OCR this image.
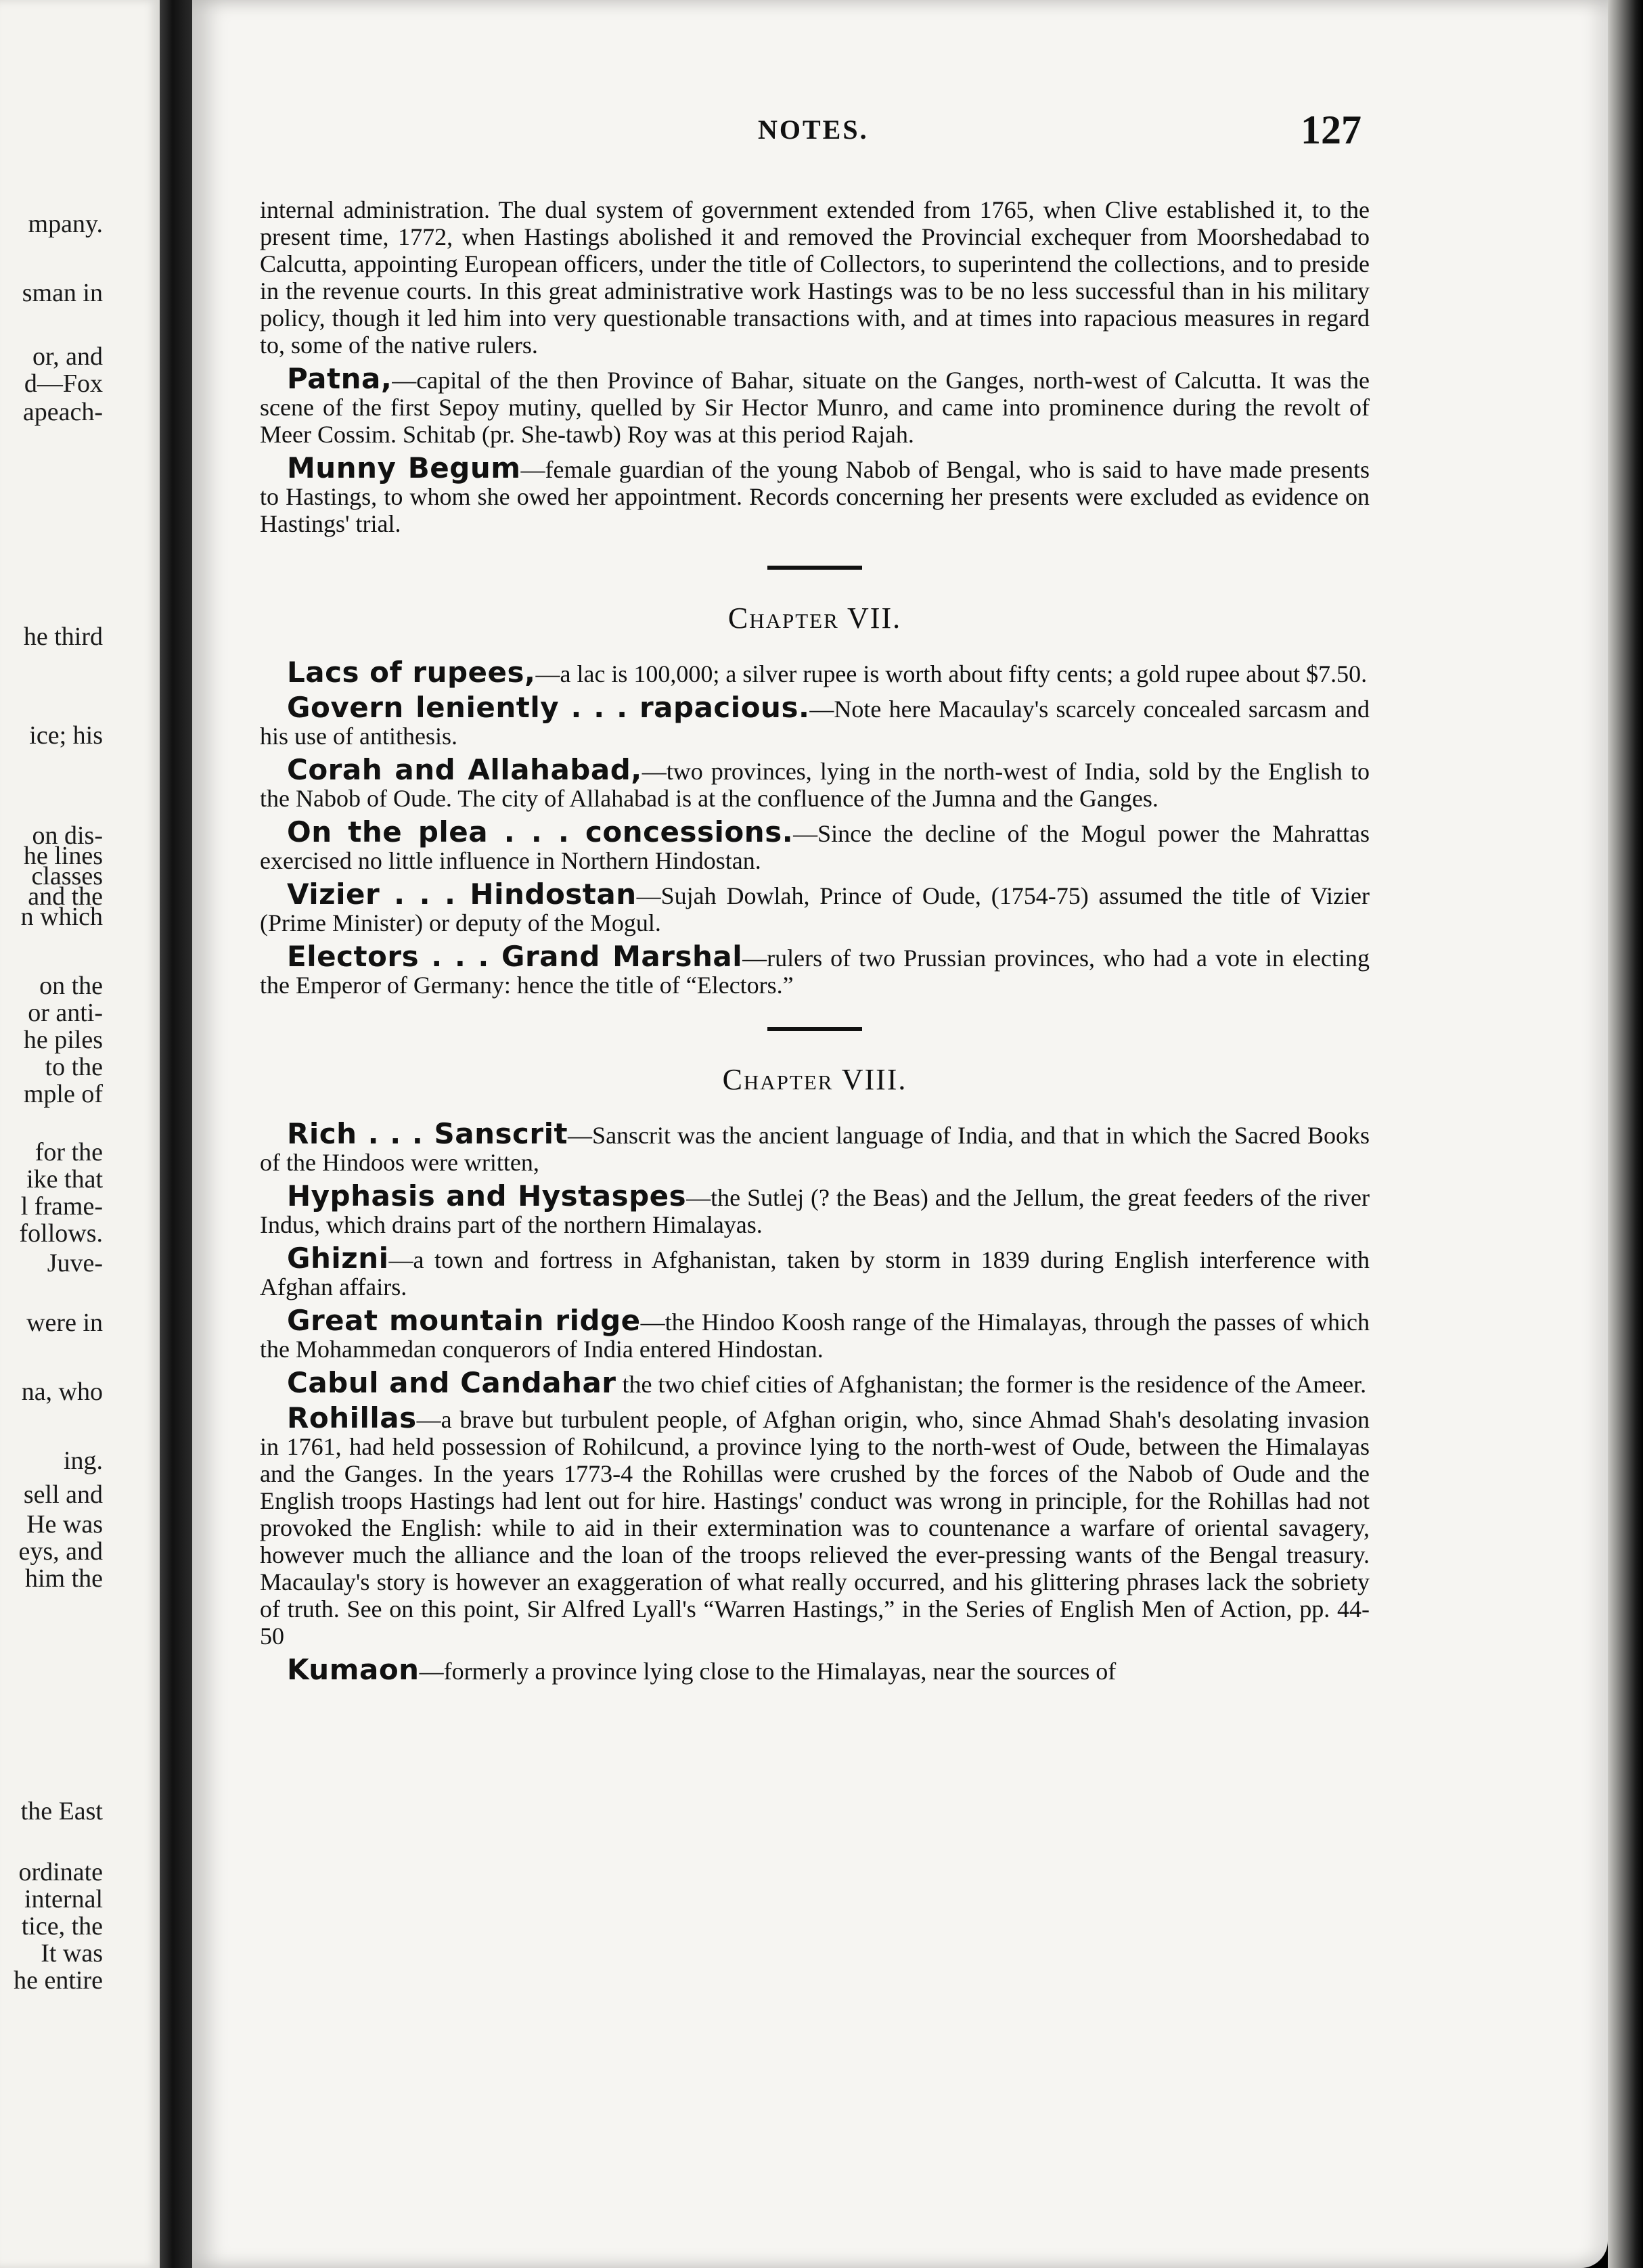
mpany.
sman in
or, and
d—Fox
apeach-
he third
ice; his
on dis-
he lines
classes
and the
n which
on the
or anti-
he piles
to the
mple of
for the
ike that
l frame-
follows.
Juve-
were in
na, who
ing.
sell and
He was
eys, and
him the
the East
ordinate
internal
tice, the
It was
he entire
NOTES.	127

internal administration. The dual system of government extended from 1765, when Clive established it, to the present time, 1772, when Hastings abolished it and removed the Provincial exchequer from Moorshedabad to Calcutta, appointing European officers, under the title of Collectors, to superintend the collections, and to preside in the revenue courts. In this great administrative work Hastings was to be no less successful than in his military policy, though it led him into very questionable transactions with, and at times into rapacious measures in regard to, some of the native rulers.

Patna,—capital of the then Province of Bahar, situate on the Ganges, north-west of Calcutta. It was the scene of the first Sepoy mutiny, quelled by Sir Hector Munro, and came into prominence during the revolt of Meer Cossim. Schitab (pr. She-tawb) Roy was at this period Rajah.

Munny Begum—female guardian of the young Nabob of Bengal, who is said to have made presents to Hastings, to whom she owed her appointment. Records concerning her presents were excluded as evidence on Hastings' trial.

Chapter VII.

Lacs of rupees,—a lac is 100,000; a silver rupee is worth about fifty cents; a gold rupee about $7.50.

Govern leniently . . . rapacious.—Note here Macaulay's scarcely concealed sarcasm and his use of antithesis.

Corah and Allahabad,—two provinces, lying in the north-west of India, sold by the English to the Nabob of Oude. The city of Allahabad is at the confluence of the Jumna and the Ganges.

On the plea . . . concessions.—Since the decline of the Mogul power the Mahrattas exercised no little influence in Northern Hindostan.

Vizier . . . Hindostan—Sujah Dowlah, Prince of Oude, (1754-75) assumed the title of Vizier (Prime Minister) or deputy of the Mogul.

Electors . . . Grand Marshal—rulers of two Prussian provinces, who had a vote in electing the Emperor of Germany: hence the title of “Electors.”

Chapter VIII.

Rich . . . Sanscrit—Sanscrit was the ancient language of India, and that in which the Sacred Books of the Hindoos were written,

Hyphasis and Hystaspes—the Sutlej (? the Beas) and the Jellum, the great feeders of the river Indus, which drains part of the northern Himalayas.

Ghizni—a town and fortress in Afghanistan, taken by storm in 1839 during English interference with Afghan affairs.

Great mountain ridge—the Hindoo Koosh range of the Himalayas, through the passes of which the Mohammedan conquerors of India entered Hindostan.

Cabul and Candahar the two chief cities of Afghanistan; the former is the residence of the Ameer.

Rohillas—a brave but turbulent people, of Afghan origin, who, since Ahmad Shah's desolating invasion in 1761, had held possession of Rohilcund, a province lying to the north-west of Oude, between the Himalayas and the Ganges. In the years 1773-4 the Rohillas were crushed by the forces of the Nabob of Oude and the English troops Hastings had lent out for hire. Hastings' conduct was wrong in principle, for the Rohillas had not provoked the English: while to aid in their extermination was to countenance a warfare of oriental savagery, however much the alliance and the loan of the troops relieved the ever-pressing wants of the Bengal treasury. Macaulay's story is however an exaggeration of what really occurred, and his glittering phrases lack the sobriety of truth. See on this point, Sir Alfred Lyall's “Warren Hastings,” in the Series of English Men of Action, pp. 44-50

Kumaon—formerly a province lying close to the Himalayas, near the sources of
